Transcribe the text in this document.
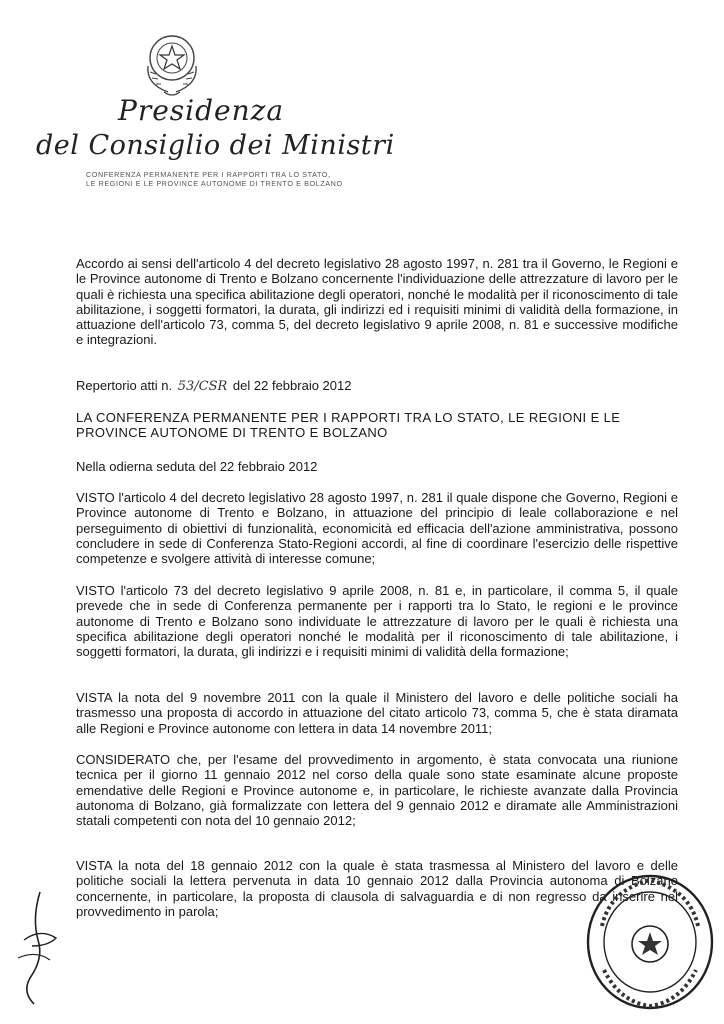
Presidenza
del Consiglio dei Ministri
CONFERENZA PERMANENTE PER I RAPPORTI TRA LO STATO,
LE REGIONI E LE PROVINCE AUTONOME DI TRENTO E BOLZANO
Accordo ai sensi dell'articolo 4 del decreto legislativo 28 agosto 1997, n. 281 tra il Governo, le Regioni e le Province autonome di Trento e Bolzano concernente l'individuazione delle attrezzature di lavoro per le quali è richiesta una specifica abilitazione degli operatori, nonché le modalità per il riconoscimento di tale abilitazione, i soggetti formatori, la durata, gli indirizzi ed i requisiti minimi di validità della formazione, in attuazione dell'articolo 73, comma 5, del decreto legislativo 9 aprile 2008, n. 81 e successive modifiche e integrazioni.
Repertorio atti n. 53/CSR del 22 febbraio 2012
LA CONFERENZA PERMANENTE PER I RAPPORTI TRA LO STATO, LE REGIONI E LE PROVINCE AUTONOME DI TRENTO E BOLZANO
Nella odierna seduta del 22 febbraio 2012
VISTO l'articolo 4 del decreto legislativo 28 agosto 1997, n. 281 il quale dispone che Governo, Regioni e Province autonome di Trento e Bolzano, in attuazione del principio di leale collaborazione e nel perseguimento di obiettivi di funzionalità, economicità ed efficacia dell'azione amministrativa, possono concludere in sede di Conferenza Stato-Regioni accordi, al fine di coordinare l'esercizio delle rispettive competenze e svolgere attività di interesse comune;
VISTO l'articolo 73 del decreto legislativo 9 aprile 2008, n. 81 e, in particolare, il comma 5, il quale prevede che in sede di Conferenza permanente per i rapporti tra lo Stato, le regioni e le province autonome di Trento e Bolzano sono individuate le attrezzature di lavoro per le quali è richiesta una specifica abilitazione degli operatori nonché le modalità per il riconoscimento di tale abilitazione, i soggetti formatori, la durata, gli indirizzi e i requisiti minimi di validità della formazione;
VISTA la nota del 9 novembre 2011 con la quale il Ministero del lavoro e delle politiche sociali ha trasmesso una proposta di accordo in attuazione del citato articolo 73, comma 5, che è stata diramata alle Regioni e Province autonome con lettera in data 14 novembre 2011;
CONSIDERATO che, per l'esame del provvedimento in argomento, è stata convocata una riunione tecnica per il giorno 11 gennaio 2012 nel corso della quale sono state esaminate alcune proposte emendative delle Regioni e Province autonome e, in particolare, le richieste avanzate dalla Provincia autonoma di Bolzano, già formalizzate con lettera del 9 gennaio 2012 e diramate alle Amministrazioni statali competenti con nota del 10 gennaio 2012;
VISTA la nota del 18 gennaio 2012 con la quale è stata trasmessa al Ministero del lavoro e delle politiche sociali la lettera pervenuta in data 10 gennaio 2012 dalla Provincia autonoma di Bolzano concernente, in particolare, la proposta di clausola di salvaguardia e di non regresso da inserire nel provvedimento in parola;
